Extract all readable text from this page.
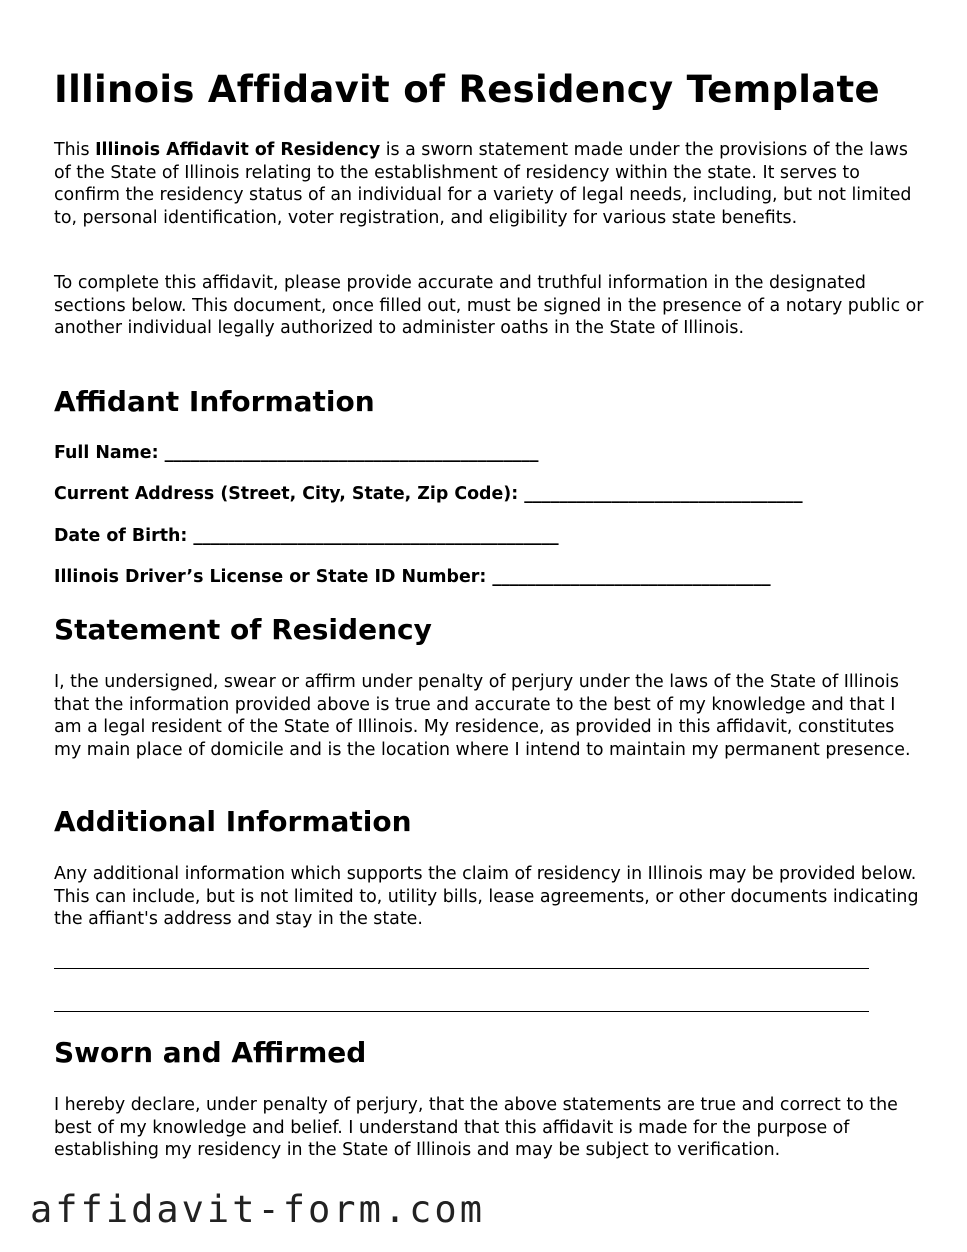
Illinois Affidavit of Residency Template

This Illinois Affidavit of Residency is a sworn statement made under the provisions of the laws of the State of Illinois relating to the establishment of residency within the state. It serves to confirm the residency status of an individual for a variety of legal needs, including, but not limited to, personal identification, voter registration, and eligibility for various state benefits.

To complete this affidavit, please provide accurate and truthful information in the designated sections below. This document, once filled out, must be signed in the presence of a notary public or another individual legally authorized to administer oaths in the State of Illinois.

Affidant Information
Full Name: ___________________________________________
Current Address (Street, City, State, Zip Code): ________________________________
Date of Birth: __________________________________________
Illinois Driver’s License or State ID Number: ________________________________
Statement of Residency

I, the undersigned, swear or affirm under penalty of perjury under the laws of the State of Illinois that the information provided above is true and accurate to the best of my knowledge and that I am a legal resident of the State of Illinois. My residence, as provided in this affidavit, constitutes my main place of domicile and is the location where I intend to maintain my permanent presence.

Additional Information

Any additional information which supports the claim of residency in Illinois may be provided below. This can include, but is not limited to, utility bills, lease agreements, or other documents indicating the affiant's address and stay in the state.

Sworn and Affirmed

I hereby declare, under penalty of perjury, that the above statements are true and correct to the best of my knowledge and belief. I understand that this affidavit is made for the purpose of establishing my residency in the State of Illinois and may be subject to verification.

affidavit-form.com
